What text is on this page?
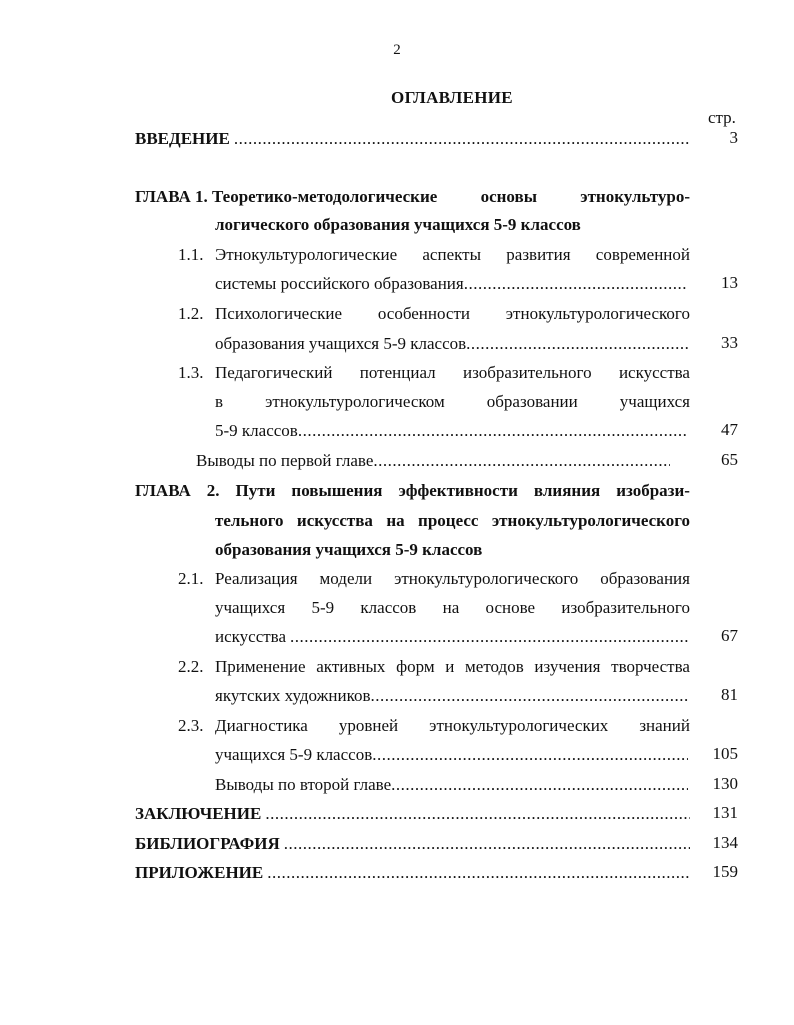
2
ОГЛАВЛЕНИЕ
стр.
ВВЕДЕНИЕ .....	3
ГЛАВА 1. Теоретико-методологические	основы	этнокультуро-
логического образования учащихся 5-9 классов
1.1. Этнокультурологические аспекты развития современной
системы российского образования .....	13
1.2. Психологические особенности этнокультурологического
образования учащихся 5-9 классов .....	33
1.3. Педагогический потенциал изобразительного искусства
в этнокультурологическом образовании учащихся
5-9 классов .....	47
Выводы по первой главе .....	65
ГЛАВА 2. Пути повышения эффективности влияния изобрази-
тельного искусства на процесс этнокультурологического
образования учащихся 5-9 классов
2.1. Реализация модели этнокультурологического образования
учащихся 5-9 классов на основе изобразительного
искусства .....	67
2.2. Применение активных форм и методов изучения творчества
якутских художников .....	81
2.3. Диагностика уровней этнокультурологических знаний
учащихся 5-9 классов .....	105
Выводы по второй главе .....	130
ЗАКЛЮЧЕНИЕ .....	131
БИБЛИОГРАФИЯ .....	134
ПРИЛОЖЕНИЕ .....	159
